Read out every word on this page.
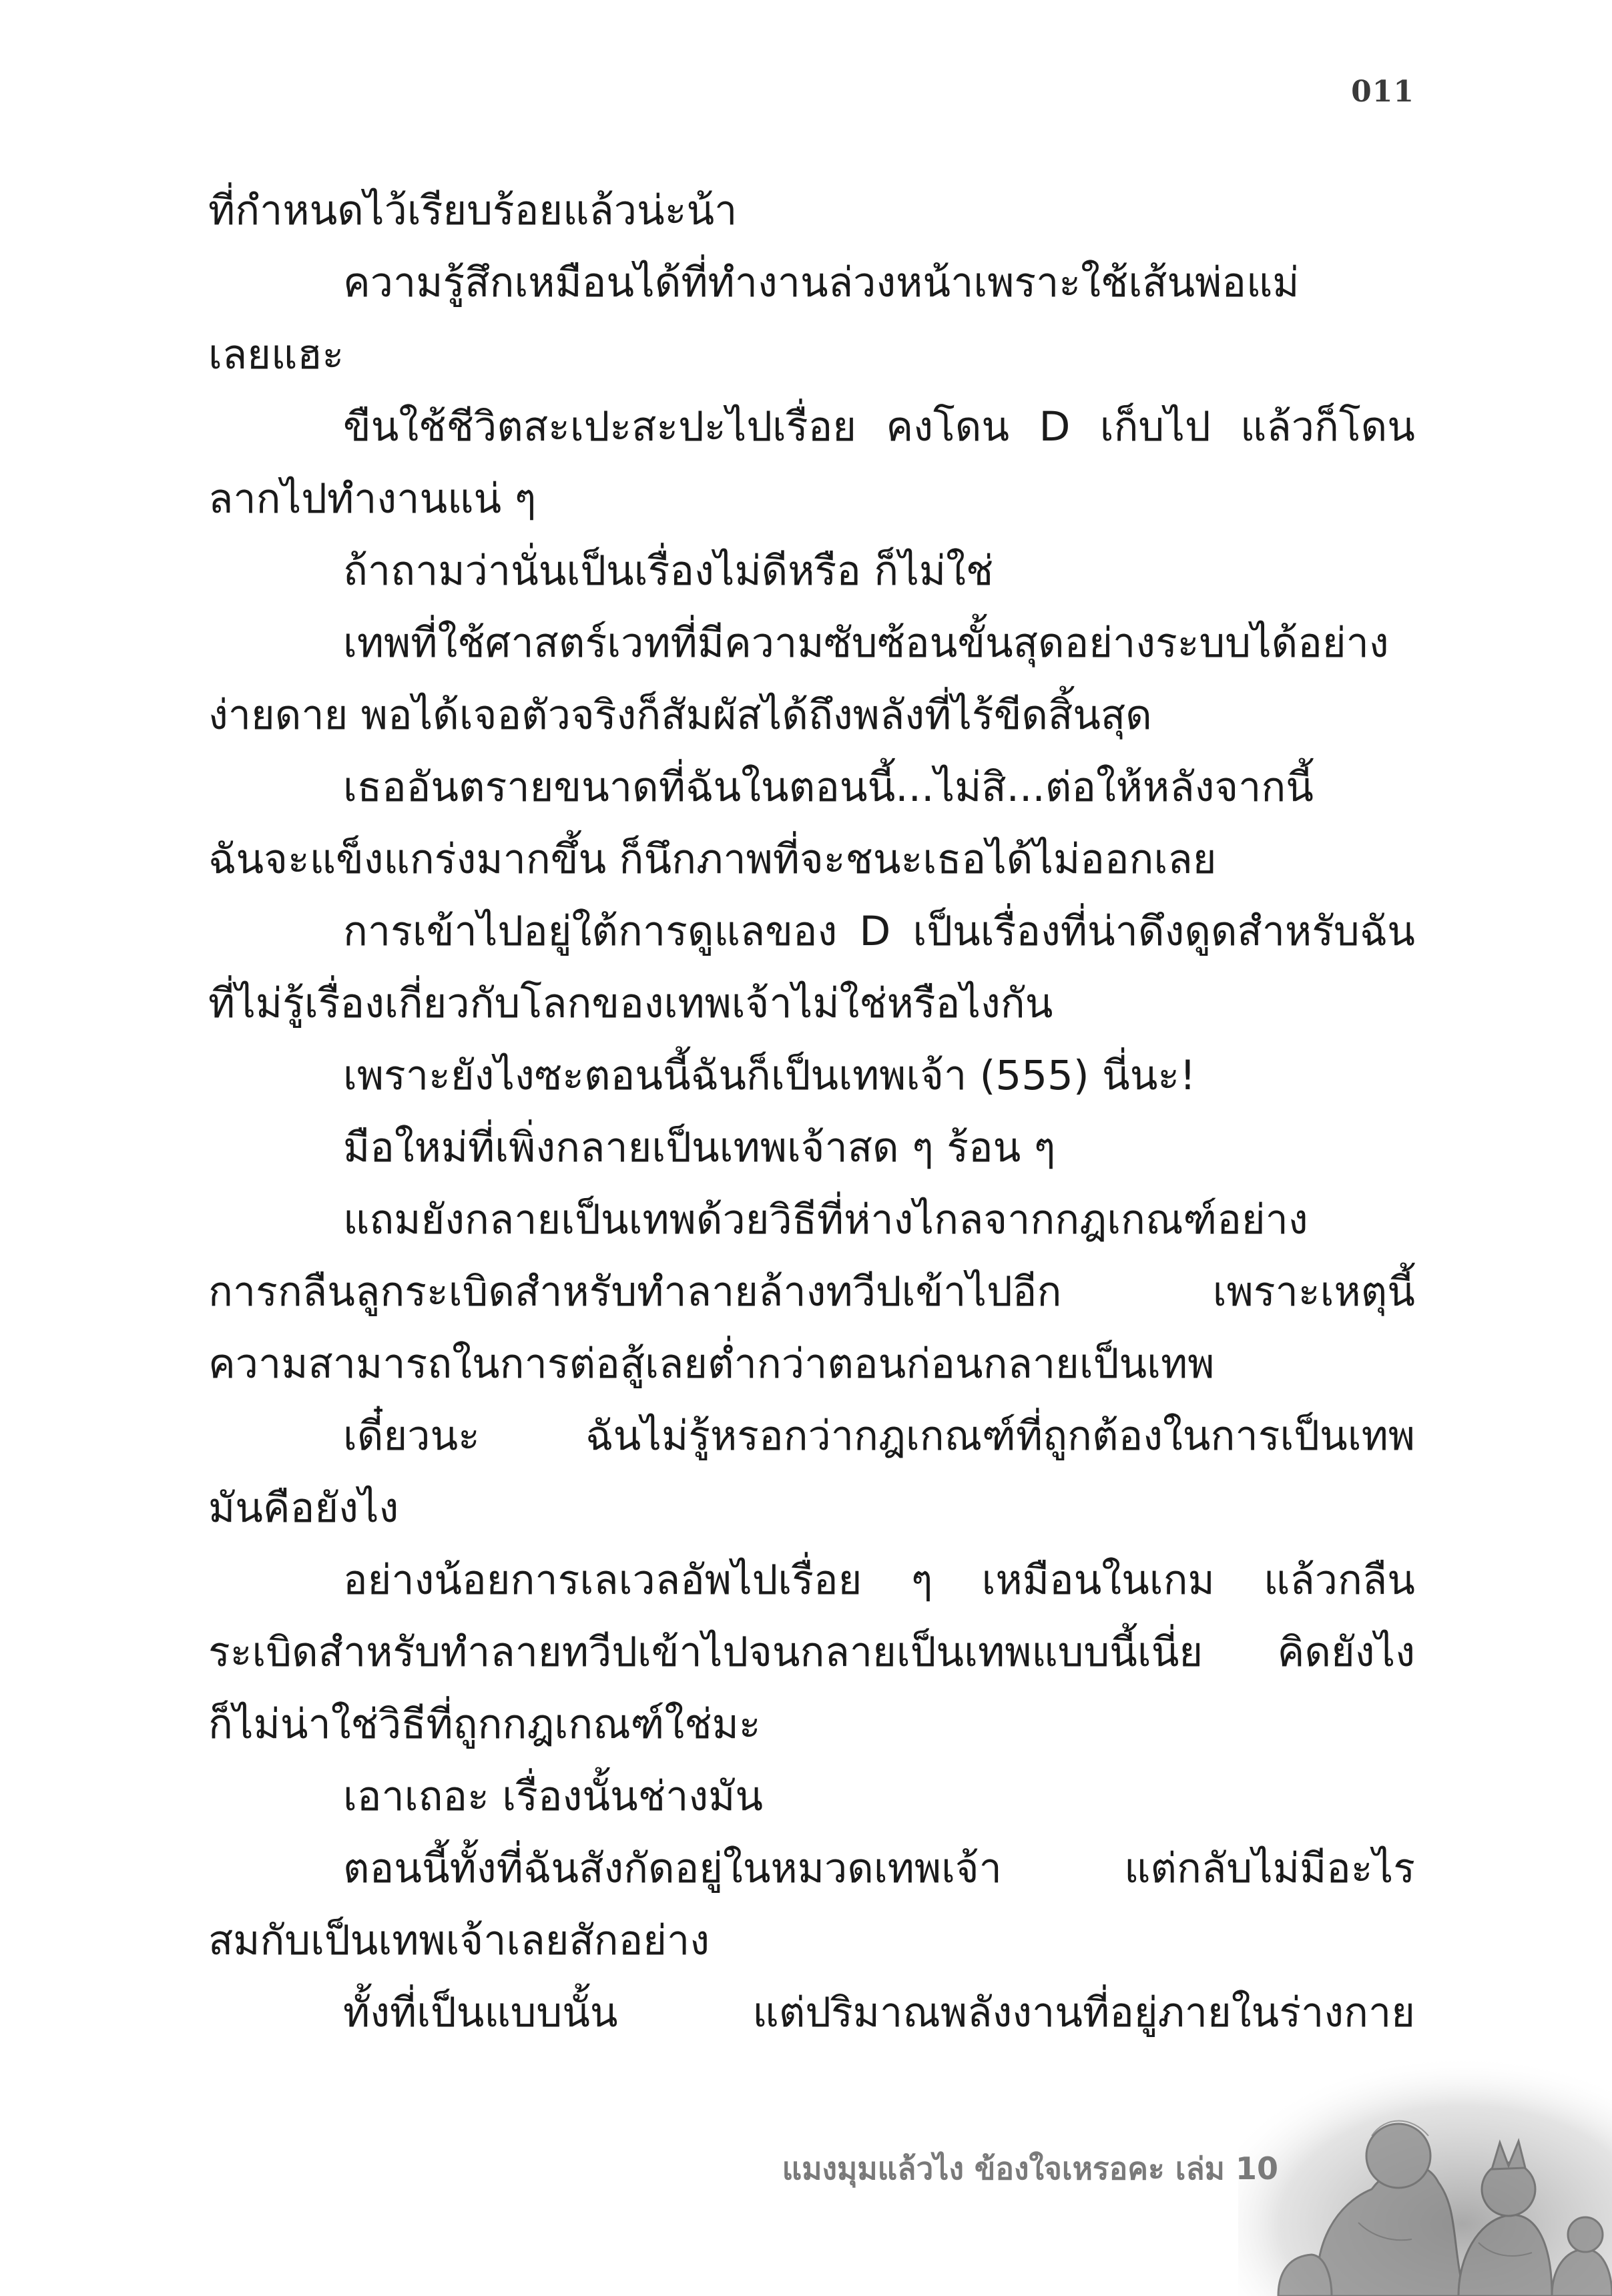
011
ที่กำหนดไว้เรียบร้อยแล้วน่ะน้า
ความรู้สึกเหมือนได้ที่ทำงานล่วงหน้าเพราะใช้เส้นพ่อแม่
เลยแฮะ
ขืนใช้ชีวิตสะเปะสะปะไปเรื่อย คงโดน D เก็บไป แล้วก็โดน
ลากไปทำงานแน่ ๆ
ถ้าถามว่านั่นเป็นเรื่องไม่ดีหรือ ก็ไม่ใช่
เทพที่ใช้ศาสตร์เวทที่มีความซับซ้อนขั้นสุดอย่างระบบได้อย่าง
ง่ายดาย พอได้เจอตัวจริงก็สัมผัสได้ถึงพลังที่ไร้ขีดสิ้นสุด
เธออันตรายขนาดที่ฉันในตอนนี้...ไม่สิ...ต่อให้หลังจากนี้
ฉันจะแข็งแกร่งมากขึ้น ก็นึกภาพที่จะชนะเธอได้ไม่ออกเลย
การเข้าไปอยู่ใต้การดูแลของ D เป็นเรื่องที่น่าดึงดูดสำหรับฉัน
ที่ไม่รู้เรื่องเกี่ยวกับโลกของเทพเจ้าไม่ใช่หรือไงกัน
เพราะยังไงซะตอนนี้ฉันก็เป็นเทพเจ้า (555) นี่นะ!
มือใหม่ที่เพิ่งกลายเป็นเทพเจ้าสด ๆ ร้อน ๆ
แถมยังกลายเป็นเทพด้วยวิธีที่ห่างไกลจากกฎเกณฑ์อย่าง
การกลืนลูกระเบิดสำหรับทำลายล้างทวีปเข้าไปอีก เพราะเหตุนี้
ความสามารถในการต่อสู้เลยต่ำกว่าตอนก่อนกลายเป็นเทพ
เดี๋ยวนะ ฉันไม่รู้หรอกว่ากฎเกณฑ์ที่ถูกต้องในการเป็นเทพ
มันคือยังไง
อย่างน้อยการเลเวลอัพไปเรื่อย ๆ เหมือนในเกม แล้วกลืน
ระเบิดสำหรับทำลายทวีปเข้าไปจนกลายเป็นเทพแบบนี้เนี่ย คิดยังไง
ก็ไม่น่าใช่วิธีที่ถูกกฎเกณฑ์ใช่มะ
เอาเถอะ เรื่องนั้นช่างมัน
ตอนนี้ทั้งที่ฉันสังกัดอยู่ในหมวดเทพเจ้า แต่กลับไม่มีอะไร
สมกับเป็นเทพเจ้าเลยสักอย่าง
ทั้งที่เป็นแบบนั้น แต่ปริมาณพลังงานที่อยู่ภายในร่างกาย
แมงมุมแล้วไง ข้องใจเหรอคะ เล่ม 10
